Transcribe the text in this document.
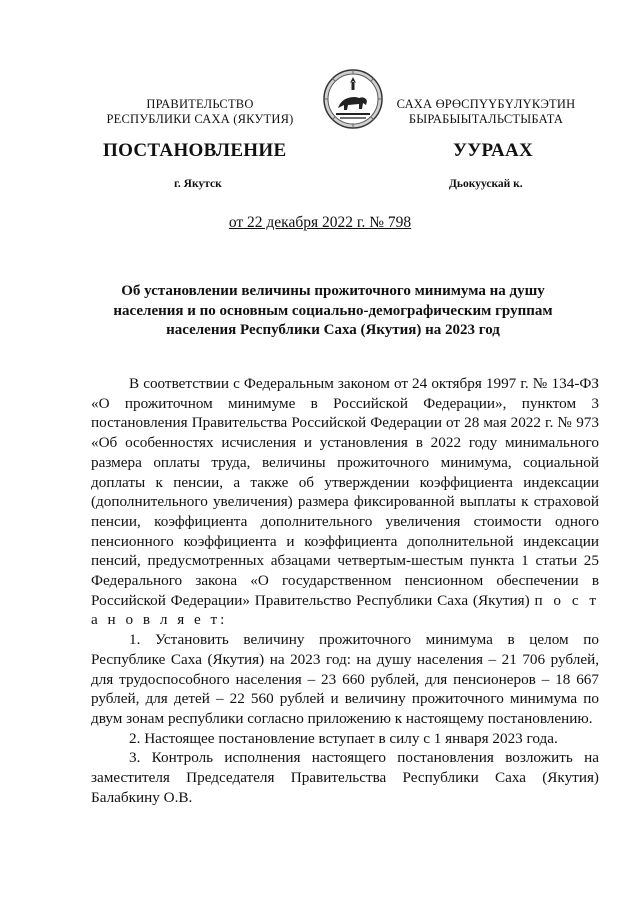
ПРАВИТЕЛЬСТВО
РЕСПУБЛИКИ САХА (ЯКУТИЯ)
САХА ӨРӨСПҮҮБҮЛҮКЭТИН
БЫРАБЫЫТАЛЬСТЫБАТА
ПОСТАНОВЛЕНИЕ	УУРААХ
г. Якутск	Дьокуускай к.
от 22 декабря 2022 г. № 798
Об установлении величины прожиточного минимума на душу
населения и по основным социально-демографическим группам
населения Республики Саха (Якутия) на 2023 год

В соответствии с Федеральным законом от 24 октября 1997 г. № 134-ФЗ «О прожиточном минимуме в Российской Федерации», пунктом 3 постановления Правительства Российской Федерации от 28 мая 2022 г. № 973 «Об особенностях исчисления и установления в 2022 году минимального размера оплаты труда, величины прожиточного минимума, социальной доплаты к пенсии, а также об утверждении коэффициента индексации (дополнительного увеличения) размера фиксированной выплаты к страховой пенсии, коэффициента дополнительного увеличения стоимости одного пенсионного коэффициента и коэффициента дополнительной индексации пенсий, предусмотренных абзацами четвертым-шестым пункта 1 статьи 25 Федерального закона «О государственном пенсионном обеспечении в Российской Федерации» Правительство Республики Саха (Якутия) п о с т а н о в л я е т:

1. Установить величину прожиточного минимума в целом по Республике Саха (Якутия) на 2023 год: на душу населения – 21 706 рублей, для трудоспособного населения – 23 660 рублей, для пенсионеров – 18 667 рублей, для детей – 22 560 рублей и величину прожиточного минимума по двум зонам республики согласно приложению к настоящему постановлению.

2. Настоящее постановление вступает в силу с 1 января 2023 года.

3. Контроль исполнения настоящего постановления возложить на заместителя Председателя Правительства Республики Саха (Якутия) Балабкину О.В.
